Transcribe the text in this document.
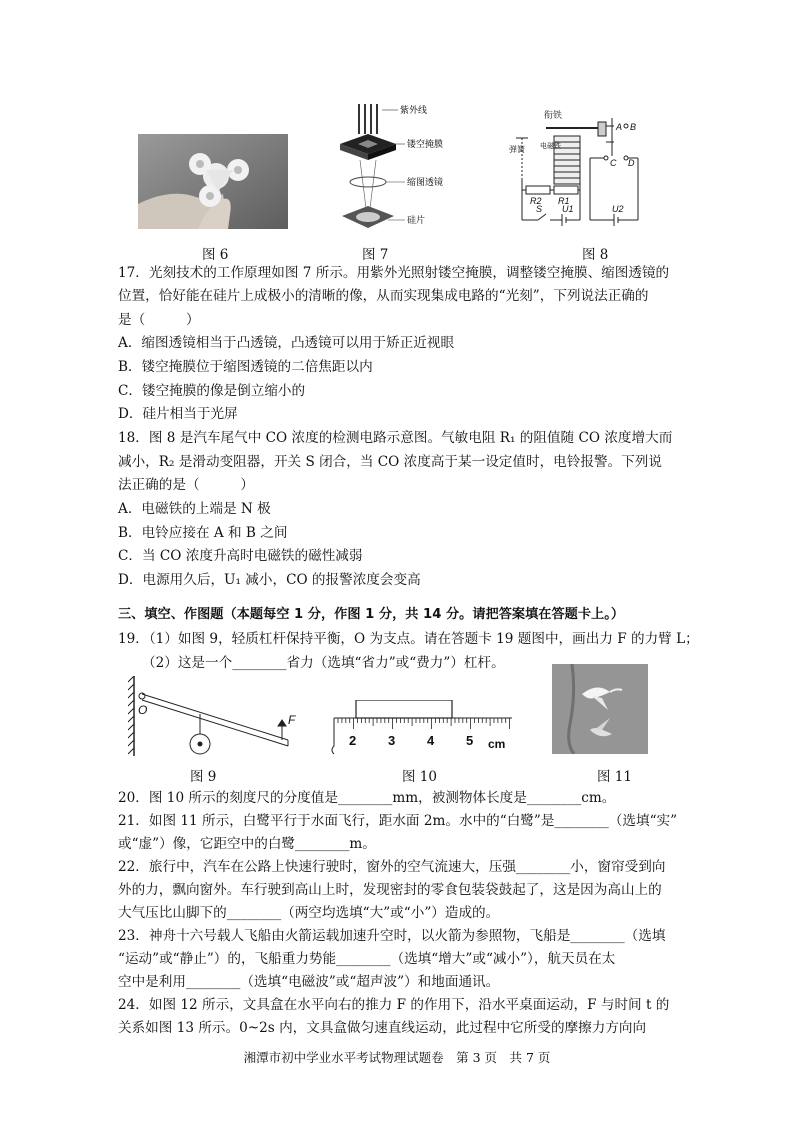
图 6
紫外线
镂空掩膜
缩图透镜
硅片
图 7
衔铁
A B
C D
弹簧 电磁铁
R2 R1
S U1	U2
图 8
17．光刻技术的工作原理如图 7 所示。用紫外光照射镂空掩膜，调整镂空掩膜、缩图透镜的
位置，恰好能在硅片上成极小的清晰的像，从而实现集成电路的“光刻”，下列说法正确的
是（　　　）
A．缩图透镜相当于凸透镜，凸透镜可以用于矫正近视眼
B．镂空掩膜位于缩图透镜的二倍焦距以内
C．镂空掩膜的像是倒立缩小的
D．硅片相当于光屏
18．图 8 是汽车尾气中 CO 浓度的检测电路示意图。气敏电阻 R₁ 的阻值随 CO 浓度增大而
减小，R₂ 是滑动变阻器，开关 S 闭合，当 CO 浓度高于某一设定值时，电铃报警。下列说
法正确的是（　　　）
A．电磁铁的上端是 N 极
B．电铃应接在 A 和 B 之间
C．当 CO 浓度升高时电磁铁的磁性减弱
D．电源用久后，U₁ 减小，CO 的报警浓度会变高
三、填空、作图题（本题每空 1 分，作图 1 分，共 14 分。请把答案填在答题卡上。）
19．（1）如图 9，轻质杠杆保持平衡，O 为支点。请在答题卡 19 题图中，画出力 F 的力臂 L；
（2）这是一个________省力（选填“省力”或“费力”）杠杆。
O
F
图 9
2 3 4 5 cm
图 10	图 11
20．图 10 所示的刻度尺的分度值是________mm，被测物体长度是________cm。
21．如图 11 所示，白鹭平行于水面飞行，距水面 2m。水中的“白鹭”是________（选填“实”
或“虚”）像，它距空中的白鹭________m。
22．旅行中，汽车在公路上快速行驶时，窗外的空气流速大，压强________小，窗帘受到向
外的力，飘向窗外。车行驶到高山上时，发现密封的零食包装袋鼓起了，这是因为高山上的
大气压比山脚下的________（两空均选填“大”或“小”）造成的。
23．神舟十六号载人飞船由火箭运载加速升空时，以火箭为参照物，飞船是________（选填
“运动”或“静止”）的，飞船重力势能________（选填“增大”或“减小”），航天员在太
空中是利用________（选填“电磁波”或“超声波”）和地面通讯。
24．如图 12 所示，文具盒在水平向右的推力 F 的作用下，沿水平桌面运动，F 与时间 t 的
关系如图 13 所示。0~2s 内，文具盒做匀速直线运动，此过程中它所受的摩擦力方向向
湘潭市初中学业水平考试物理试题卷　第 3 页　共 7 页
